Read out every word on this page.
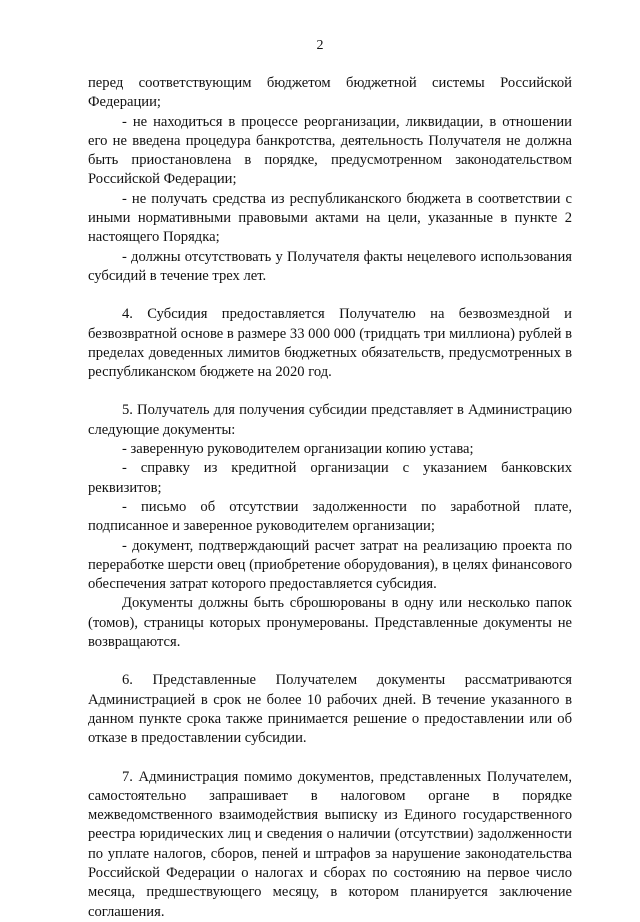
2

перед соответствующим бюджетом бюджетной системы Российской Федерации;

- не находиться в процессе реорганизации, ликвидации, в отношении его не введена процедура банкротства, деятельность Получателя не должна быть приостановлена в порядке, предусмотренном законодательством Российской Федерации;

- не получать средства из республиканского бюджета в соответствии с иными нормативными правовыми актами на цели, указанные в пункте 2 настоящего Порядка;

- должны отсутствовать у Получателя факты нецелевого использования субсидий в течение трех лет.

4. Субсидия предоставляется Получателю на безвозмездной и безвозвратной основе в размере 33 000 000 (тридцать три миллиона) рублей в пределах доведенных лимитов бюджетных обязательств, предусмотренных в республиканском бюджете на 2020 год.

5. Получатель для получения субсидии представляет в Администрацию следующие документы:

- заверенную руководителем организации копию устава;

- справку из кредитной организации с указанием банковских реквизитов;

- письмо об отсутствии задолженности по заработной плате, подписанное и заверенное руководителем организации;

- документ, подтверждающий расчет затрат на реализацию проекта по переработке шерсти овец (приобретение оборудования), в целях финансового обеспечения затрат которого предоставляется субсидия.

Документы должны быть сброшюрованы в одну или несколько папок (томов), страницы которых пронумерованы. Представленные документы не возвращаются.

6. Представленные Получателем документы рассматриваются Администрацией в срок не более 10 рабочих дней. В течение указанного в данном пункте срока также принимается решение о предоставлении или об отказе в предоставлении субсидии.

7. Администрация помимо документов, представленных Получателем, самостоятельно запрашивает в налоговом органе в порядке межведомственного взаимодействия выписку из Единого государственного реестра юридических лиц и сведения о наличии (отсутствии) задолженности по уплате налогов, сборов, пеней и штрафов за нарушение законодательства Российской Федерации о налогах и сборах по состоянию на первое число месяца, предшествующего месяцу, в котором планируется заключение соглашения.
